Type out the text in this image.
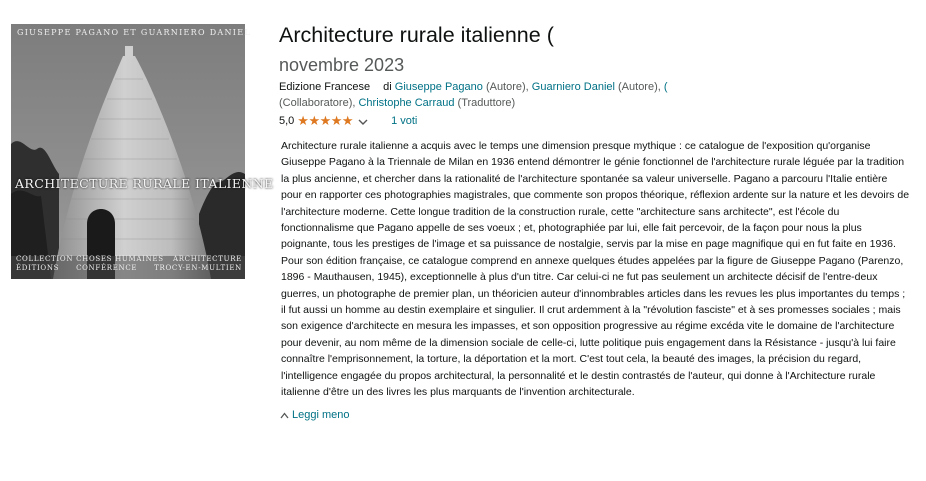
GIUSEPPE PAGANO ET GUARNIERO DANIEL
ARCHITECTURE RURALE ITALIENNE
COLLECTION CHOSES HUMAINES ARCHITECTURE
ÉDITIONS CONFÉRENCE TROCY-EN-MULTIEN
Architecture rurale italienne (
novembre 2023
Edizione Francese di Giuseppe Pagano (Autore), Guarniero Daniel (Autore), (
(Collaboratore), Christophe Carraud (Traduttore)
5,0 ★★★★★	1 voti

Architecture rurale italienne a acquis avec le temps une dimension presque mythique : ce catalogue de l'exposition qu'organise Giuseppe Pagano à la Triennale de Milan en 1936 entend démontrer le génie fonctionnel de l'architecture rurale léguée par la tradition la plus ancienne, et chercher dans la rationalité de l'architecture spontanée sa valeur universelle. Pagano a parcouru l'Italie entière pour en rapporter ces photographies magistrales, que commente son propos théorique, réflexion ardente sur la nature et les devoirs de l'architecture moderne. Cette longue tradition de la construction rurale, cette "architecture sans architecte", est l'école du fonctionnalisme que Pagano appelle de ses voeux ; et, photographiée par lui, elle fait percevoir, de la façon pour nous la plus poignante, tous les prestiges de l'image et sa puissance de nostalgie, servis par la mise en page magnifique qui en fut faite en 1936. Pour son édition française, ce catalogue comprend en annexe quelques études appelées par la figure de Giuseppe Pagano (Parenzo, 1896 - Mauthausen, 1945), exceptionnelle à plus d'un titre. Car celui-ci ne fut pas seulement un architecte décisif de l'entre-deux guerres, un photographe de premier plan, un théoricien auteur d'innombrables articles dans les revues les plus importantes du temps ; il fut aussi un homme au destin exemplaire et singulier. Il crut ardemment à la "révolution fasciste" et à ses promesses sociales ; mais son exigence d'architecte en mesura les impasses, et son opposition progressive au régime excéda vite le domaine de l'architecture pour devenir, au nom même de la dimension sociale de celle-ci, lutte politique puis engagement dans la Résistance - jusqu'à lui faire connaître l'emprisonnement, la torture, la déportation et la mort. C'est tout cela, la beauté des images, la précision du regard, l'intelligence engagée du propos architectural, la personnalité et le destin contrastés de l'auteur, qui donne à l'Architecture rurale italienne d'être un des livres les plus marquants de l'invention architecturale.

Leggi meno
